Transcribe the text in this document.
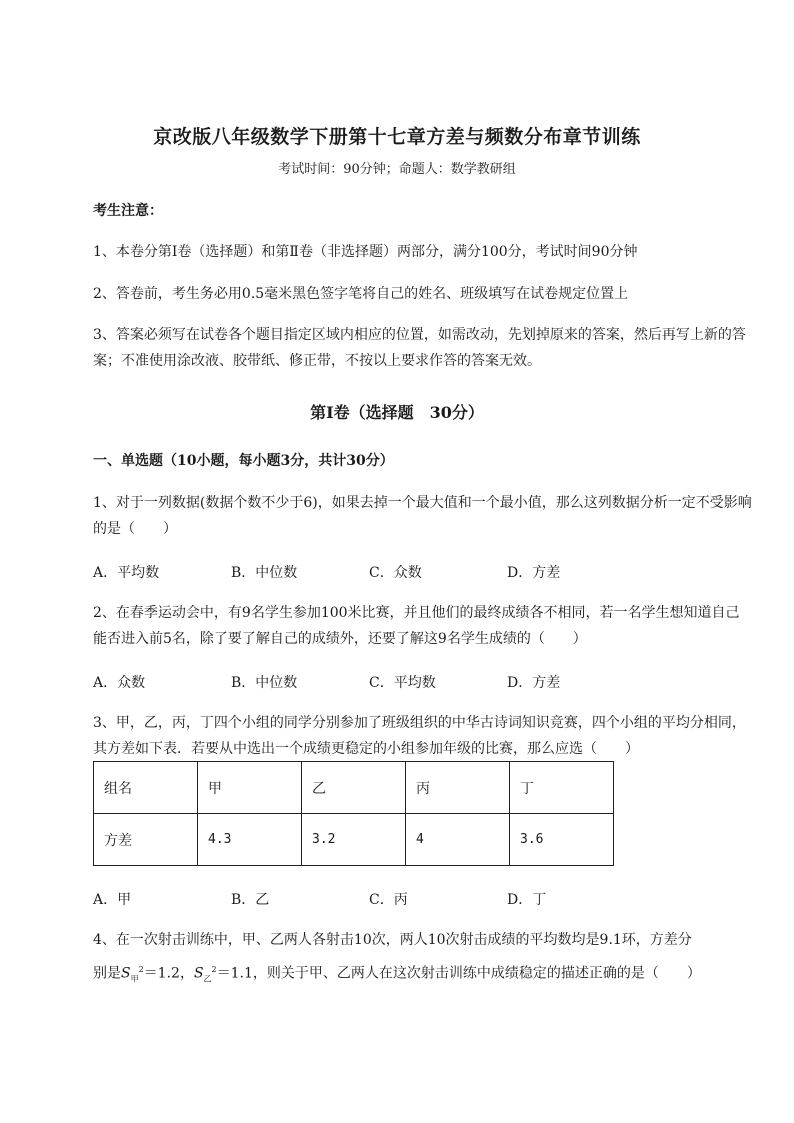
京改版八年级数学下册第十七章方差与频数分布章节训练
考试时间：90分钟；命题人：数学教研组
考生注意：
1、本卷分第I卷（选择题）和第Ⅱ卷（非选择题）两部分，满分100分，考试时间90分钟
2、答卷前，考生务必用0.5毫米黑色签字笔将自己的姓名、班级填写在试卷规定位置上
3、答案必须写在试卷各个题目指定区域内相应的位置，如需改动，先划掉原来的答案，然后再写上新的答案；不准使用涂改液、胶带纸、修正带，不按以上要求作答的答案无效。
第I卷（选择题　30分）
一、单选题（10小题，每小题3分，共计30分）
1、对于一列数据(数据个数不少于6)，如果去掉一个最大值和一个最小值，那么这列数据分析一定不受影响的是（　　）
A．平均数	B．中位数	C．众数	D．方差
2、在春季运动会中，有9名学生参加100米比赛，并且他们的最终成绩各不相同，若一名学生想知道自己能否进入前5名，除了要了解自己的成绩外，还要了解这9名学生成绩的（　　）
A．众数	B．中位数	C．平均数	D．方差
3、甲，乙，丙，丁四个小组的同学分别参加了班级组织的中华古诗词知识竞赛，四个小组的平均分相同，其方差如下表．若要从中选出一个成绩更稳定的小组参加年级的比赛，那么应选（　　）
组名	甲	乙	丙	丁
方差	4.3	3.2	4	3.6
A．甲	B．乙	C．丙	D．丁
4、在一次射击训练中，甲、乙两人各射击10次，两人10次射击成绩的平均数均是9.1环，方差分
别是$S_甲^2=1.2$，$S_乙^2=1.1$，则关于甲、乙两人在这次射击训练中成绩稳定的描述正确的是（　　）
